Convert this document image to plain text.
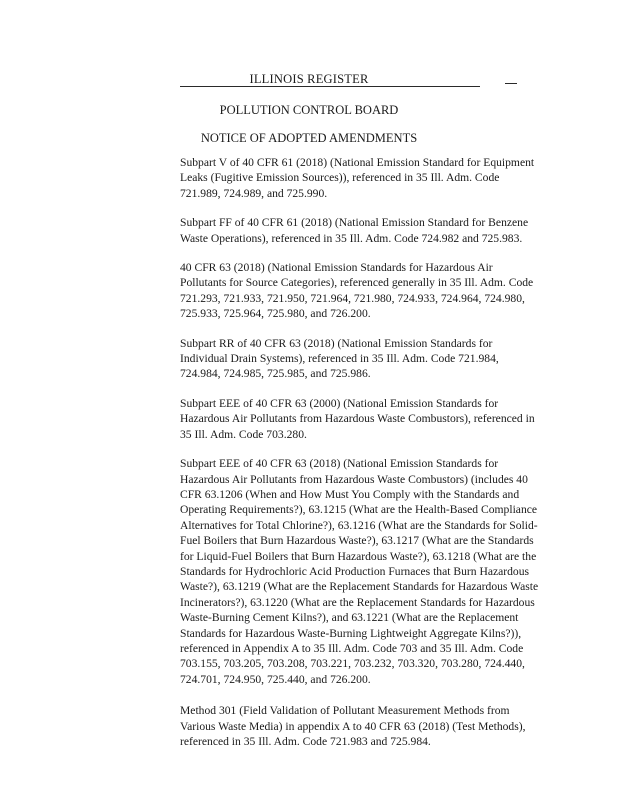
ILLINOIS REGISTER
POLLUTION CONTROL BOARD
NOTICE OF ADOPTED AMENDMENTS

Subpart V of 40 CFR 61 (2018) (National Emission Standard for Equipment Leaks (Fugitive Emission Sources)), referenced in 35 Ill. Adm. Code 721.989, 724.989, and 725.990.

Subpart FF of 40 CFR 61 (2018) (National Emission Standard for Benzene Waste Operations), referenced in 35 Ill. Adm. Code 724.982 and 725.983.

40 CFR 63 (2018) (National Emission Standards for Hazardous Air Pollutants for Source Categories), referenced generally in 35 Ill. Adm. Code 721.293, 721.933, 721.950, 721.964, 721.980, 724.933, 724.964, 724.980, 725.933, 725.964, 725.980, and 726.200.

Subpart RR of 40 CFR 63 (2018) (National Emission Standards for Individual Drain Systems), referenced in 35 Ill. Adm. Code 721.984, 724.984, 724.985, 725.985, and 725.986.

Subpart EEE of 40 CFR 63 (2000) (National Emission Standards for Hazardous Air Pollutants from Hazardous Waste Combustors), referenced in 35 Ill. Adm. Code 703.280.

Subpart EEE of 40 CFR 63 (2018) (National Emission Standards for Hazardous Air Pollutants from Hazardous Waste Combustors) (includes 40 CFR 63.1206 (When and How Must You Comply with the Standards and Operating Requirements?), 63.1215 (What are the Health-Based Compliance Alternatives for Total Chlorine?), 63.1216 (What are the Standards for Solid-Fuel Boilers that Burn Hazardous Waste?), 63.1217 (What are the Standards for Liquid-Fuel Boilers that Burn Hazardous Waste?), 63.1218 (What are the Standards for Hydrochloric Acid Production Furnaces that Burn Hazardous Waste?), 63.1219 (What are the Replacement Standards for Hazardous Waste Incinerators?), 63.1220 (What are the Replacement Standards for Hazardous Waste-Burning Cement Kilns?), and 63.1221 (What are the Replacement Standards for Hazardous Waste-Burning Lightweight Aggregate Kilns?)), referenced in Appendix A to 35 Ill. Adm. Code 703 and 35 Ill. Adm. Code 703.155, 703.205, 703.208, 703.221, 703.232, 703.320, 703.280, 724.440, 724.701, 724.950, 725.440, and 726.200.

Method 301 (Field Validation of Pollutant Measurement Methods from Various Waste Media) in appendix A to 40 CFR 63 (2018) (Test Methods), referenced in 35 Ill. Adm. Code 721.983 and 725.984.
